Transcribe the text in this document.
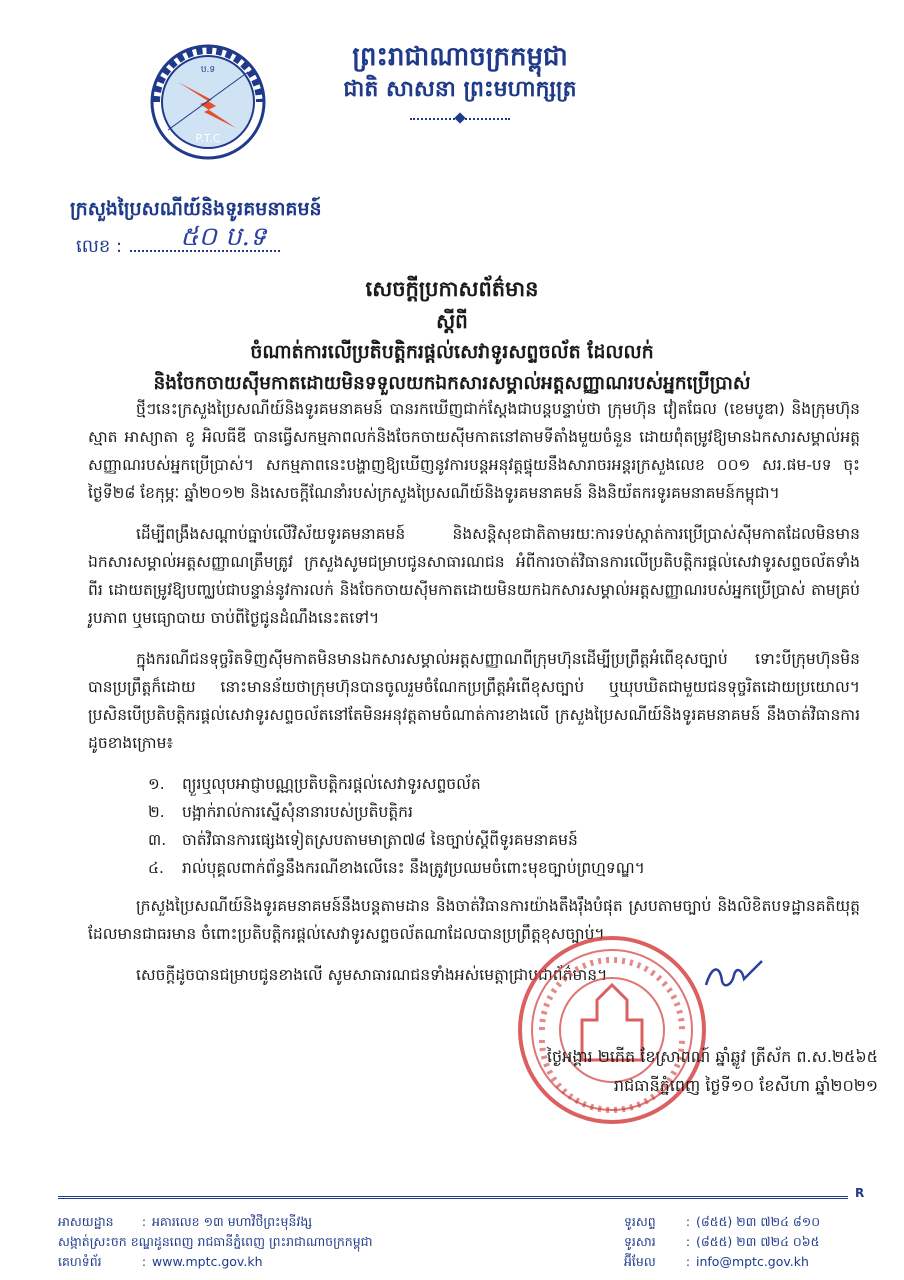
ប.ទ
P.T.C
ព្រះរាជាណាចក្រកម្ពុជា
ជាតិ សាសនា ព្រះមហាក្សត្រ
ក្រសួងប្រៃសណីយ៍និងទូរគមនាគមន៍
លេខ : ៥០ ប.ទ
សេចក្ដីប្រកាសព័ត៌មាន
ស្ដីពី
ចំណាត់ការលើប្រតិបត្តិករផ្ដល់សេវាទូរសព្ទចល័ត ដែលលក់
និងចែកចាយស៊ីមកាតដោយមិនទទួលយកឯកសារសម្គាល់អត្តសញ្ញាណរបស់អ្នកប្រើប្រាស់

ថ្មីៗនេះក្រសួងប្រៃសណីយ៍និងទូរគមនាគមន៍ បានរកឃើញជាក់ស្ដែងជាបន្តបន្ទាប់ថា ក្រុមហ៊ុន វៀតធែល (ខេមបូឌា) និងក្រុមហ៊ុន ស្មាត អាស្យាតា ខូ អិលធីឌី បានធ្វើសកម្មភាពលក់និងចែកចាយស៊ីមកាតនៅតាមទីតាំងមួយចំនួន ដោយពុំតម្រូវឱ្យមានឯកសារសម្គាល់អត្តសញ្ញាណរបស់អ្នកប្រើប្រាស់។ សកម្មភាពនេះបង្ហាញឱ្យឃើញនូវការបន្តអនុវត្តផ្ទុយនឹងសារាចរអន្តរក្រសួងលេខ ០០១ សរ.ផម-បទ ចុះថ្ងៃទី២៨ ខែកុម្ភៈ ឆ្នាំ២០១២ និងសេចក្ដីណែនាំរបស់ក្រសួងប្រៃសណីយ៍និងទូរគមនាគមន៍ និងនិយ័តករទូរគមនាគមន៍កម្ពុជា។

ដើម្បីពង្រឹងសណ្ដាប់ធ្នាប់លើវិស័យទូរគមនាគមន៍ និងសន្តិសុខជាតិតាមរយៈការទប់ស្កាត់ការប្រើប្រាស់ស៊ីមកាតដែលមិនមានឯកសារសម្គាល់អត្តសញ្ញាណត្រឹមត្រូវ ក្រសួងសូមជម្រាបជូនសាធារណជន អំពីការចាត់វិធានការលើប្រតិបត្តិករផ្ដល់សេវាទូរសព្ទចល័តទាំងពីរ ដោយតម្រូវឱ្យបញ្ឈប់ជាបន្ទាន់នូវការលក់ និងចែកចាយស៊ីមកាតដោយមិនយកឯកសារសម្គាល់អត្តសញ្ញាណរបស់អ្នកប្រើប្រាស់ តាមគ្រប់រូបភាព ឬមធ្យោបាយ ចាប់ពីថ្ងៃជូនដំណឹងនេះតទៅ។

ក្នុងករណីជនទុច្ចរិតទិញស៊ីមកាតមិនមានឯកសារសម្គាល់អត្តសញ្ញាណពីក្រុមហ៊ុនដើម្បីប្រព្រឹត្តអំពើខុសច្បាប់ ទោះបីក្រុមហ៊ុនមិនបានប្រព្រឹត្តក៏ដោយ នោះមានន័យថាក្រុមហ៊ុនបានចូលរួមចំណែកប្រព្រឹត្តអំពើខុសច្បាប់ ឬឃុបឃិតជាមួយជនទុច្ចរិតដោយប្រយោល។ ប្រសិនបើប្រតិបត្តិករផ្ដល់សេវាទូរសព្ទចល័តនៅតែមិនអនុវត្តតាមចំណាត់ការខាងលើ ក្រសួងប្រៃសណីយ៍និងទូរគមនាគមន៍ នឹងចាត់វិធានការដូចខាងក្រោម៖

១. ព្យួរឬលុបអាជ្ញាបណ្ណប្រតិបត្តិករផ្ដល់សេវាទូរសព្ទចល័ត
២. បង្អាក់រាល់ការស្នើសុំនានារបស់ប្រតិបត្តិករ
៣. ចាត់វិធានការផ្សេងទៀតស្របតាមមាត្រា៧៨ នៃច្បាប់ស្ដីពីទូរគមនាគមន៍
៤. រាល់បុគ្គលពាក់ព័ន្ធនឹងករណីខាងលើនេះ នឹងត្រូវប្រឈមចំពោះមុខច្បាប់ព្រហ្មទណ្ឌ។

ក្រសួងប្រៃសណីយ៍និងទូរគមនាគមន៍នឹងបន្តតាមដាន និងចាត់វិធានការយ៉ាងតឹងរ៉ឹងបំផុត ស្របតាមច្បាប់ និងលិខិតបទដ្ឋានគតិយុត្តដែលមានជាធរមាន ចំពោះប្រតិបត្តិករផ្ដល់សេវាទូរសព្ទចល័តណាដែលបានប្រព្រឹត្តខុសច្បាប់។

សេចក្ដីដូចបានជម្រាបជូនខាងលើ សូមសាធារណជនទាំងអស់មេត្តាជ្រាបជាព័ត៌មាន។

ថ្ងៃអង្គារ ២កើត ខែស្រាពណ៍ ឆ្នាំឆ្លូវ ត្រីស័ក ព.ស.២៥៦៥
រាជធានីភ្នំពេញ ថ្ងៃទី១០ ខែសីហា ឆ្នាំ២០២១
R
អាសយដ្ឋាន	: អគារលេខ ១៣ មហាវិថីព្រះមុនីវង្ស
សង្កាត់ស្រះចក ខណ្ឌដូនពេញ រាជធានីភ្នំពេញ ព្រះរាជាណាចក្រកម្ពុជា
គេហទំព័រ	: www.mptc.gov.kh
ទូរសព្ទ	: (៨៥៥) ២៣ ៧២៤ ៨១០
ទូរសារ	: (៨៥៥) ២៣ ៧២៤ ០៦៥
អ៊ីមែល	: info@mptc.gov.kh
